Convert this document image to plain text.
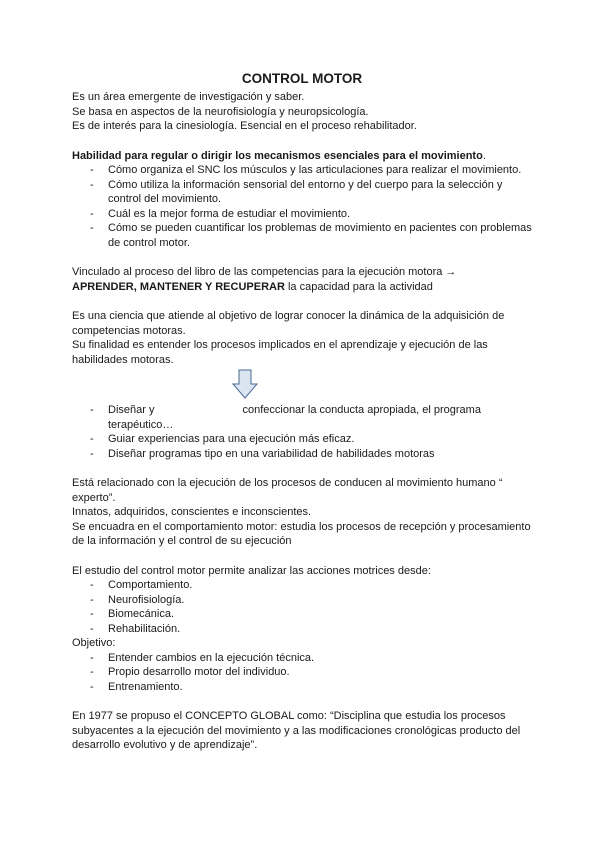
CONTROL MOTOR

Es un área emergente de investigación y saber.

Se basa en aspectos de la neurofisiología y neuropsicología.

Es de interés para la cinesiología. Esencial en el proceso rehabilitador.

Habilidad para regular o dirigir los mecanismos esenciales para el movimiento.

- Cómo organiza el SNC los músculos y las articulaciones para realizar el movimiento.
- Cómo utiliza la información sensorial del entorno y del cuerpo para la selección y control del movimiento.
- Cuál es la mejor forma de estudiar el movimiento.
- Cómo se pueden cuantificar los problemas de movimiento en pacientes con problemas de control motor.

Vinculado al proceso del libro de las competencias para la ejecución motora →

APRENDER, MANTENER Y RECUPERAR la capacidad para la actividad

Es una ciencia que atiende al objetivo de lograr conocer la dinámica de la adquisición de competencias motoras.

Su finalidad es entender los procesos implicados en el aprendizaje y ejecución de las habilidades motoras.

- Diseñar y	confeccionar la conducta apropiada, el programa terapéutico…
- Guiar experiencias para una ejecución más eficaz.
- Diseñar programas tipo en una variabilidad de habilidades motoras

Está relacionado con la ejecución de los procesos de conducen al movimiento humano “ experto”.

Innatos, adquiridos, conscientes e inconscientes.

Se encuadra en el comportamiento motor: estudia los procesos de recepción y procesamiento de la información y el control de su ejecución

El estudio del control motor permite analizar las acciones motrices desde:

- Comportamiento.
- Neurofisiología.
- Biomecánica.
- Rehabilitación.

Objetivo:

- Entender cambios en la ejecución técnica.
- Propio desarrollo motor del individuo.
- Entrenamiento.

En 1977 se propuso el CONCEPTO GLOBAL como: “Disciplina que estudia los procesos subyacentes a la ejecución del movimiento y a las modificaciones cronológicas producto del desarrollo evolutivo y de aprendizaje”.
